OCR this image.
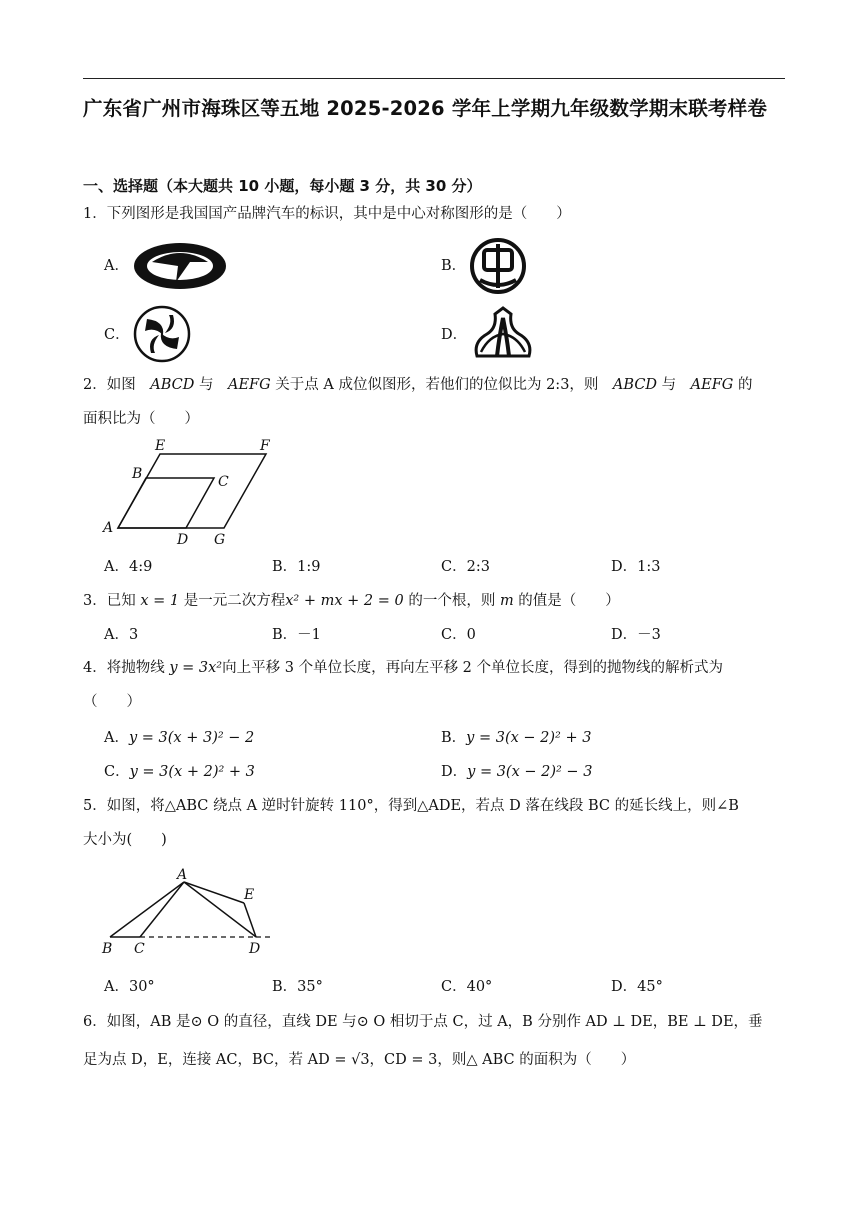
广东省广州市海珠区等五地 2025-2026 学年上学期九年级数学期末联考样卷
一、选择题（本大题共 10 小题，每小题 3 分，共 30 分）
1．下列图形是我国国产品牌汽车的标识，其中是中心对称图形的是（　　）
A．	B．
C．	D．
2．如图　ABCD 与　AEFG 关于点 A 成位似图形，若他们的位似比为 2:3，则　ABCD 与　AEFG 的
面积比为（　　）
A
B	C
D
E	F
G
A．4:9	B．1:9	C．2:3	D．1:3
3．已知 x = 1 是一元二次方程x² + mx + 2 = 0 的一个根，则 m 的值是（　　）
A．3	B．－1	C．0	D．－3
4．将抛物线 y = 3x²向上平移 3 个单位长度，再向左平移 2 个单位长度，得到的抛物线的解析式为
（　　）
A．y = 3(x + 3)² − 2	B．y = 3(x − 2)² + 3
C．y = 3(x + 2)² + 3	D．y = 3(x − 2)² − 3
5．如图，将△ABC 绕点 A 逆时针旋转 110°，得到△ADE，若点 D 落在线段 BC 的延长线上，则∠B
大小为(　　)
A
B C	D
E
A．30°	B．35°	C．40°	D．45°
6．如图，AB 是⊙ O 的直径，直线 DE 与⊙ O 相切于点 C，过 A，B 分别作 AD ⊥ DE，BE ⊥ DE，垂
足为点 D，E，连接 AC，BC，若 AD = √3，CD = 3，则△ ABC 的面积为（　　）
